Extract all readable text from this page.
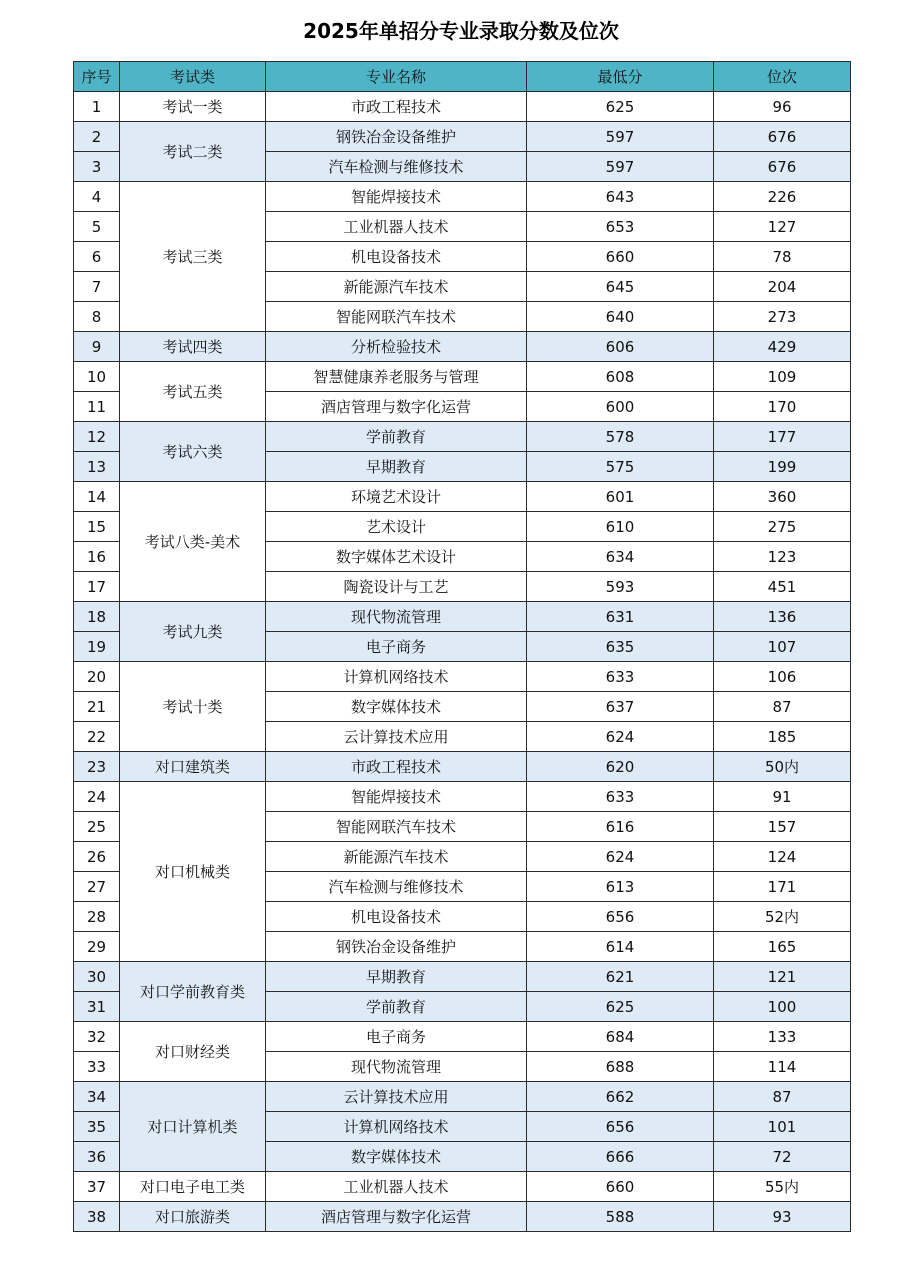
2025年单招分专业录取分数及位次
序号	考试类	专业名称	最低分	位次
1	考试一类	市政工程技术	625	96
2	考试二类	钢铁冶金设备维护	597	676
3		汽车检测与维修技术	597	676
4	考试三类	智能焊接技术	643	226
5		工业机器人技术	653	127
6		机电设备技术	660	78
7		新能源汽车技术	645	204
8		智能网联汽车技术	640	273
9	考试四类	分析检验技术	606	429
10	考试五类	智慧健康养老服务与管理	608	109
11		酒店管理与数字化运营	600	170
12	考试六类	学前教育	578	177
13		早期教育	575	199
14	考试八类-美术	环境艺术设计	601	360
15		艺术设计	610	275
16		数字媒体艺术设计	634	123
17		陶瓷设计与工艺	593	451
18	考试九类	现代物流管理	631	136
19		电子商务	635	107
20	考试十类	计算机网络技术	633	106
21		数字媒体技术	637	87
22		云计算技术应用	624	185
23	对口建筑类	市政工程技术	620	50内
24	对口机械类	智能焊接技术	633	91
25		智能网联汽车技术	616	157
26		新能源汽车技术	624	124
27		汽车检测与维修技术	613	171
28		机电设备技术	656	52内
29		钢铁冶金设备维护	614	165
30	对口学前教育类	早期教育	621	121
31		学前教育	625	100
32	对口财经类	电子商务	684	133
33		现代物流管理	688	114
34	对口计算机类	云计算技术应用	662	87
35		计算机网络技术	656	101
36		数字媒体技术	666	72
37	对口电子电工类	工业机器人技术	660	55内
38	对口旅游类	酒店管理与数字化运营	588	93
